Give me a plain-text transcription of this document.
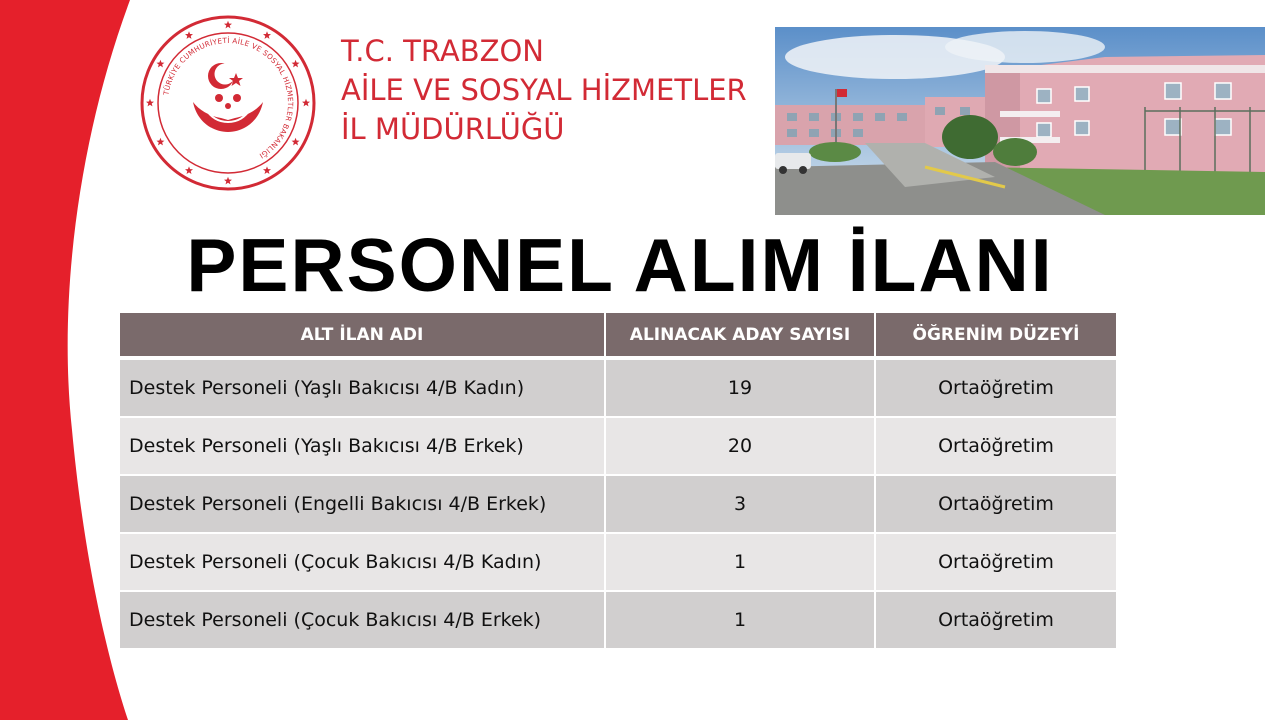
TÜRKİYE CUMHURİYETİ AİLE VE SOSYAL HİZMETLER BAKANLIĞI
T.C. TRABZON
AİLE VE SOSYAL HİZMETLER
İL MÜDÜRLÜĞÜ
PERSONEL ALIM İLANI
ALT İLAN ADI	ALINACAK ADAY SAYISI	ÖĞRENİM DÜZEYİ
Destek Personeli (Yaşlı Bakıcısı 4/B Kadın)	19	Ortaöğretim
Destek Personeli (Yaşlı Bakıcısı 4/B Erkek)	20	Ortaöğretim
Destek Personeli (Engelli Bakıcısı 4/B Erkek)	3	Ortaöğretim
Destek Personeli (Çocuk Bakıcısı 4/B Kadın)	1	Ortaöğretim
Destek Personeli (Çocuk Bakıcısı 4/B Erkek)	1	Ortaöğretim
